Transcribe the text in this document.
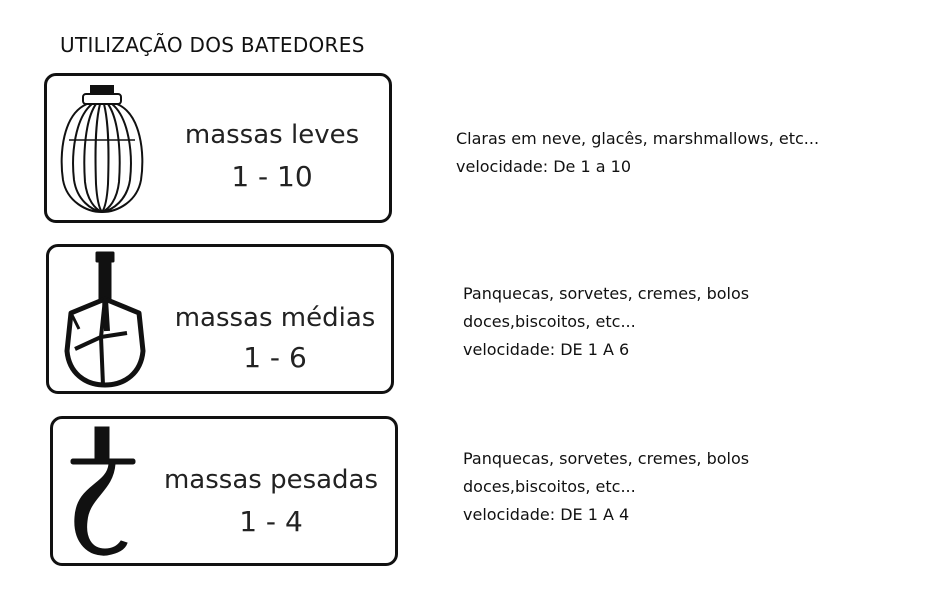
UTILIZAÇÃO DOS BATEDORES
massas leves
1 - 10
Claras em neve, glacês, marshmallows, etc...
velocidade: De 1 a 10
massas médias
1 - 6
Panquecas, sorvetes, cremes, bolos
doces,biscoitos, etc...
velocidade: DE 1 A 6
massas pesadas
1 - 4
Panquecas, sorvetes, cremes, bolos
doces,biscoitos, etc...
velocidade: DE 1 A 4
